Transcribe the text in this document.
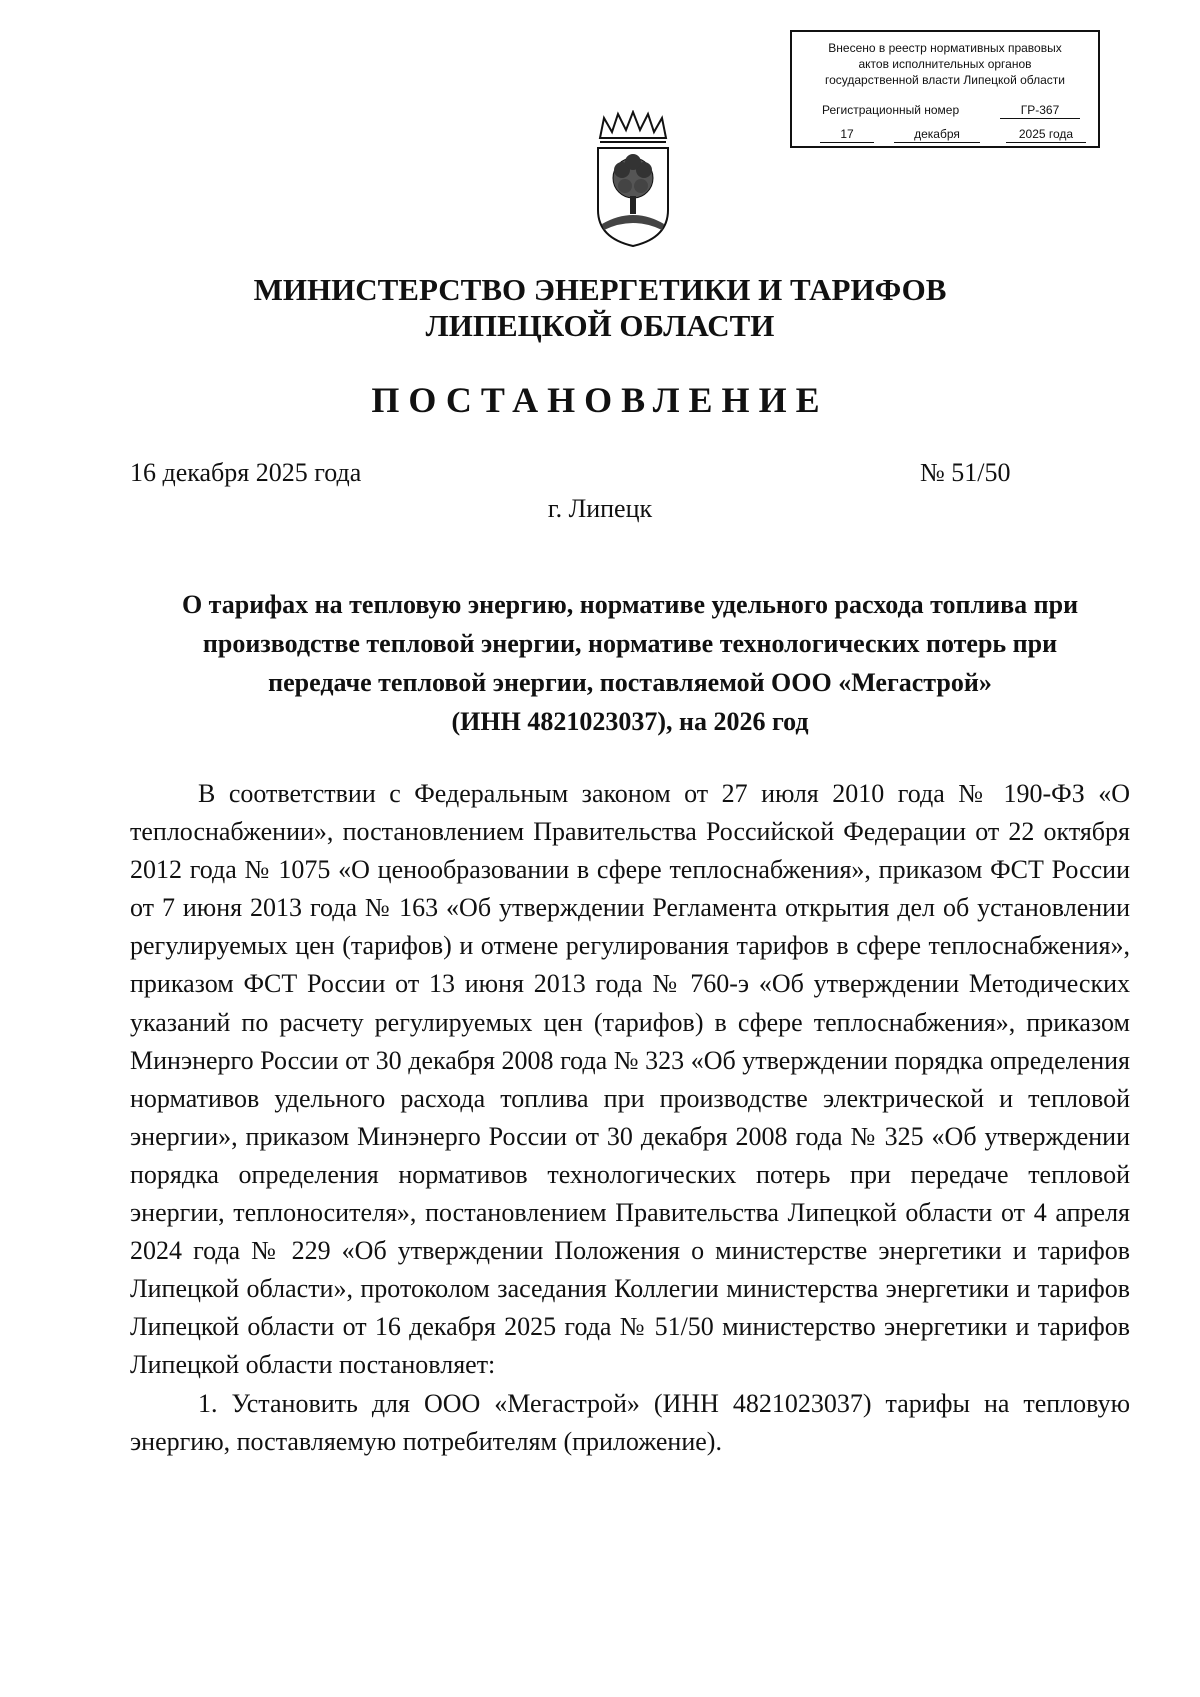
Внесено в реестр нормативных правовых
актов исполнительных органов
государственной власти Липецкой области
Регистрационный номер	ГР-367
17	декабря	2025 года
МИНИСТЕРСТВО ЭНЕРГЕТИКИ И ТАРИФОВ
ЛИПЕЦКОЙ ОБЛАСТИ
ПОСТАНОВЛЕНИЕ
16 декабря 2025 года	№ 51/50
г. Липецк
О тарифах на тепловую энергию, нормативе удельного расхода топлива при
производстве тепловой энергии, нормативе технологических потерь при
передаче тепловой энергии, поставляемой ООО «Мегастрой»
(ИНН 4821023037), на 2026 год

В соответствии с Федеральным законом от 27 июля 2010 года № 190-ФЗ «О теплоснабжении», постановлением Правительства Российской Федерации от 22 октября 2012 года № 1075 «О ценообразовании в сфере теплоснабжения», приказом ФСТ России от 7 июня 2013 года № 163 «Об утверждении Регламента открытия дел об установлении регулируемых цен (тарифов) и отмене регулирования тарифов в сфере теплоснабжения», приказом ФСТ России от 13 июня 2013 года № 760-э «Об утверждении Методических указаний по расчету регулируемых цен (тарифов) в сфере теплоснабжения», приказом Минэнерго России от 30 декабря 2008 года № 323 «Об утверждении порядка определения нормативов удельного расхода топлива при производстве электрической и тепловой энергии», приказом Минэнерго России от 30 декабря 2008 года № 325 «Об утверждении порядка определения нормативов технологических потерь при передаче тепловой энергии, теплоносителя», постановлением Правительства Липецкой области от 4 апреля 2024 года № 229 «Об утверждении Положения о министерстве энергетики и тарифов Липецкой области», протоколом заседания Коллегии министерства энергетики и тарифов Липецкой области от 16 декабря 2025 года № 51/50 министерство энергетики и тарифов Липецкой области постановляет:

1. Установить для ООО «Мегастрой» (ИНН 4821023037) тарифы на тепловую энергию, поставляемую потребителям (приложение).
